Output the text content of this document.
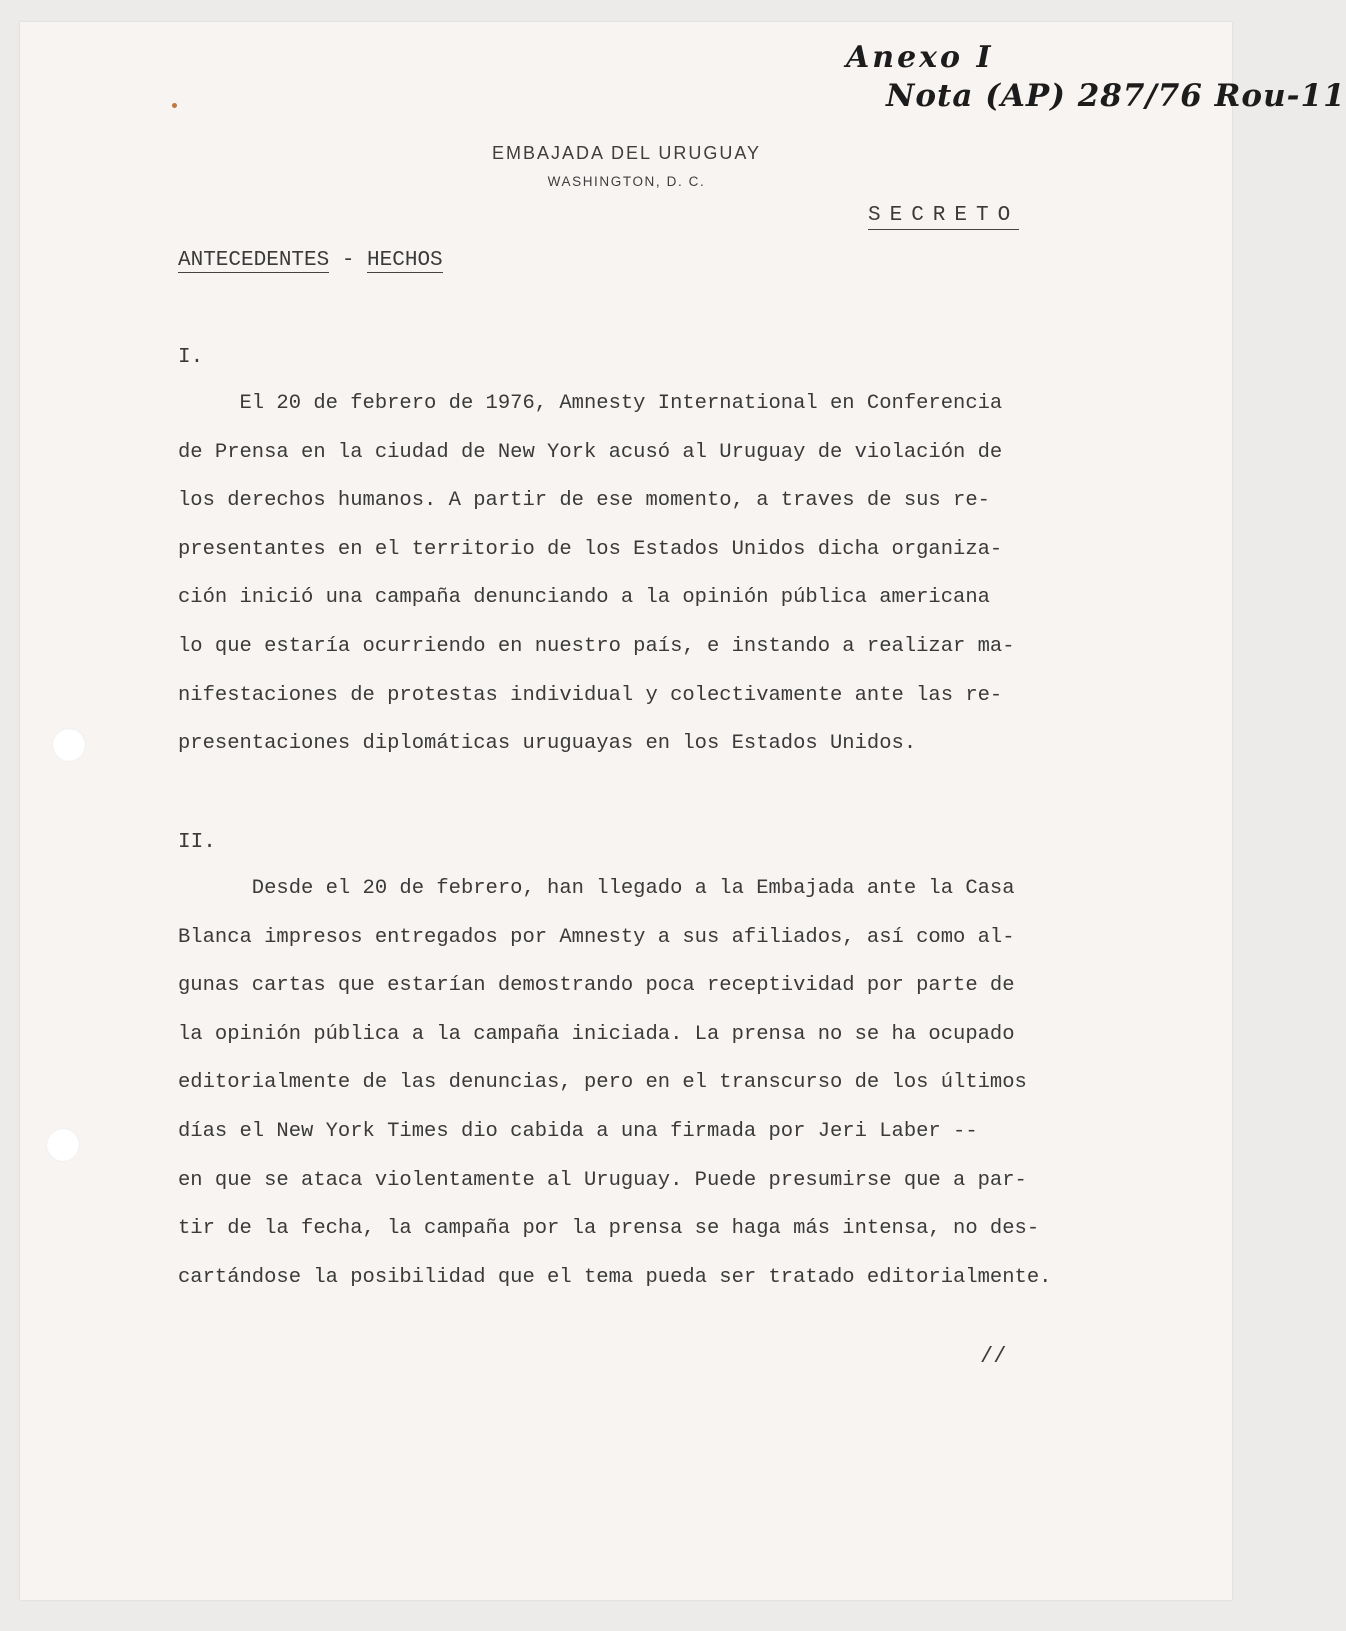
Anexo I
Nota (AP) 287/76 Rou-11
EMBAJADA DEL URUGUAY
WASHINGTON, D. C.
SECRETO
ANTECEDENTES - HECHOS
I.
El 20 de febrero de 1976, Amnesty International en Conferencia
de Prensa en la ciudad de New York acusó al Uruguay de violación de
los derechos humanos. A partir de ese momento, a traves de sus re-
presentantes en el territorio de los Estados Unidos dicha organiza-
ción inició una campaña denunciando a la opinión pública americana
lo que estaría ocurriendo en nuestro país, e instando a realizar ma-
nifestaciones de protestas individual y colectivamente ante las re-
presentaciones diplomáticas uruguayas en los Estados Unidos.
II.
Desde el 20 de febrero, han llegado a la Embajada ante la Casa
Blanca impresos entregados por Amnesty a sus afiliados, así como al-
gunas cartas que estarían demostrando poca receptividad por parte de
la opinión pública a la campaña iniciada. La prensa no se ha ocupado
editorialmente de las denuncias, pero en el transcurso de los últimos
días el New York Times dio cabida a una firmada por Jeri Laber --
en que se ataca violentamente al Uruguay. Puede presumirse que a par-
tir de la fecha, la campaña por la prensa se haga más intensa, no des-
cartándose la posibilidad que el tema pueda ser tratado editorialmente.
//
